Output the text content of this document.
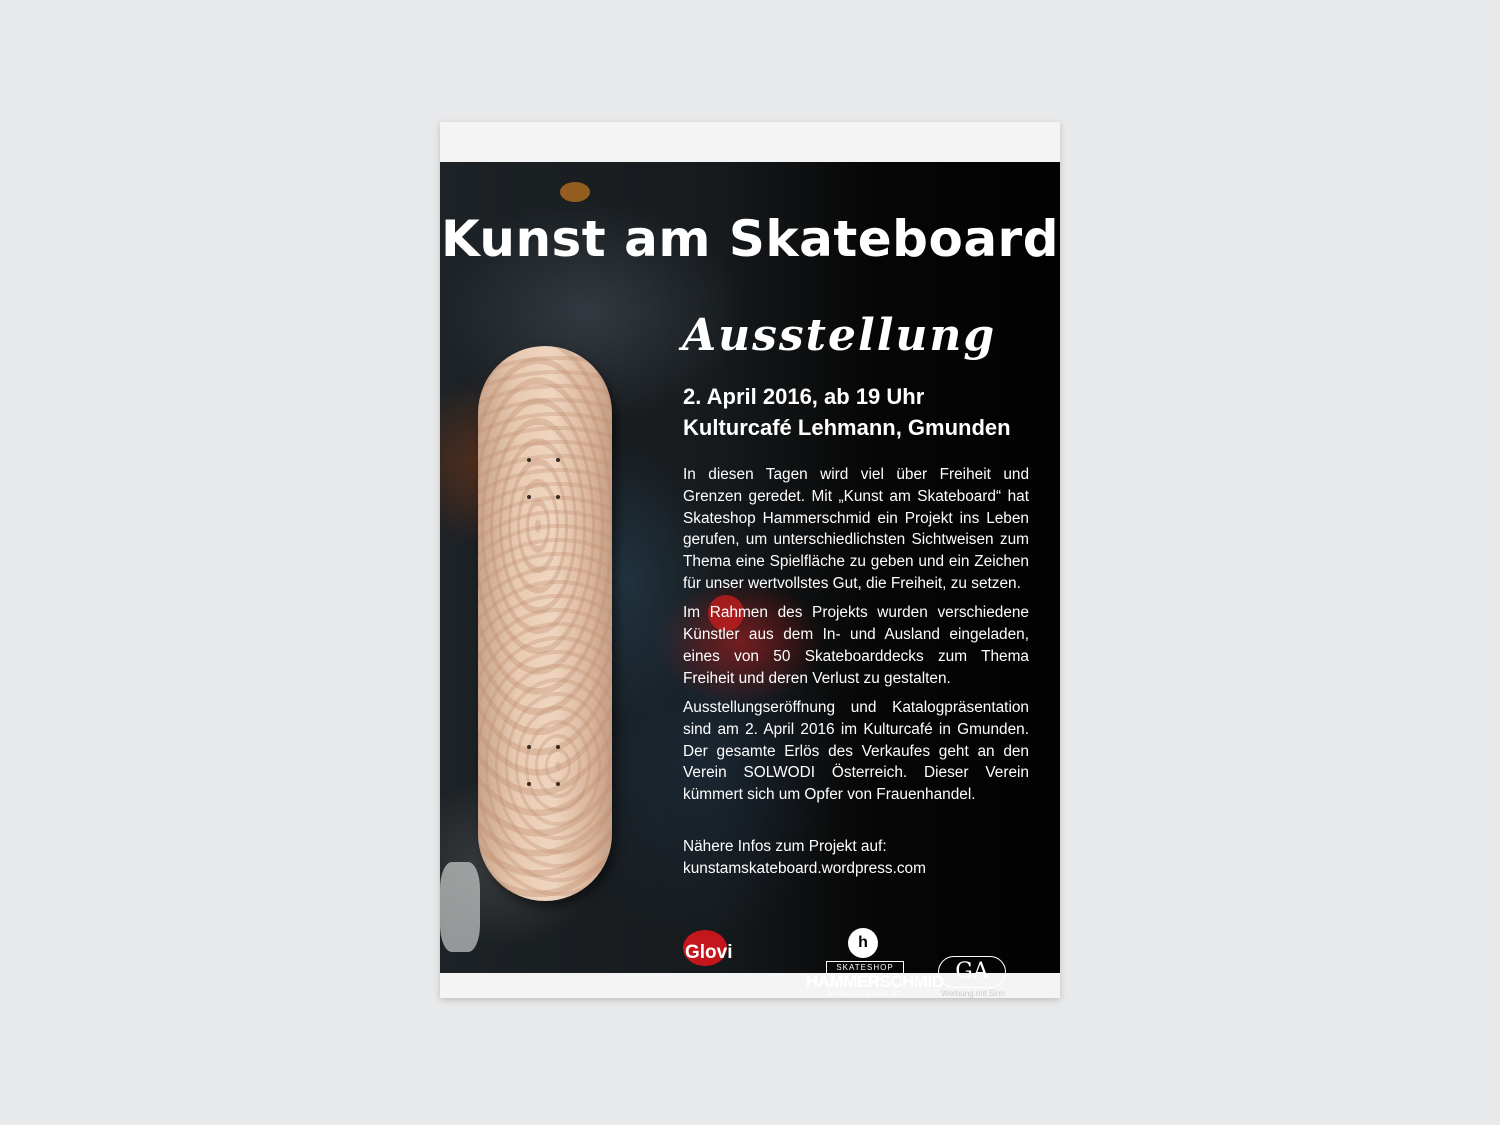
Kunst am Skateboard
Ausstellung
2. April 2016, ab 19 Uhr
Kulturcafé Lehmann, Gmunden

In diesen Tagen wird viel über Freiheit und Grenzen geredet. Mit „Kunst am Skateboard“ hat Skateshop Hammerschmid ein Projekt ins Leben gerufen, um unterschiedlichsten Sichtweisen zum Thema eine Spielfläche zu geben und ein Zeichen für unser wertvollstes Gut, die Freiheit, zu setzen.

Im Rahmen des Projekts wurden verschiedene Künstler aus dem In- und Ausland eingeladen, eines von 50 Skateboarddecks zum Thema Freiheit und deren Verlust zu gestalten.

Ausstellungseröffnung und Katalogpräsentation sind am 2. April 2016 im Kulturcafé in Gmunden. Der gesamte Erlös des Verkaufes geht an den Verein SOLWODI Österreich. Dieser Verein kümmert sich um Opfer von Frauenhandel.

Nähere Infos zum Projekt auf:
kunstamskateboard.wordpress.com
Glovi	h
SKATESHOP
HAMMERSCHMID
MYSKATESHOP.AT
GA
Werbung mit Sinn
